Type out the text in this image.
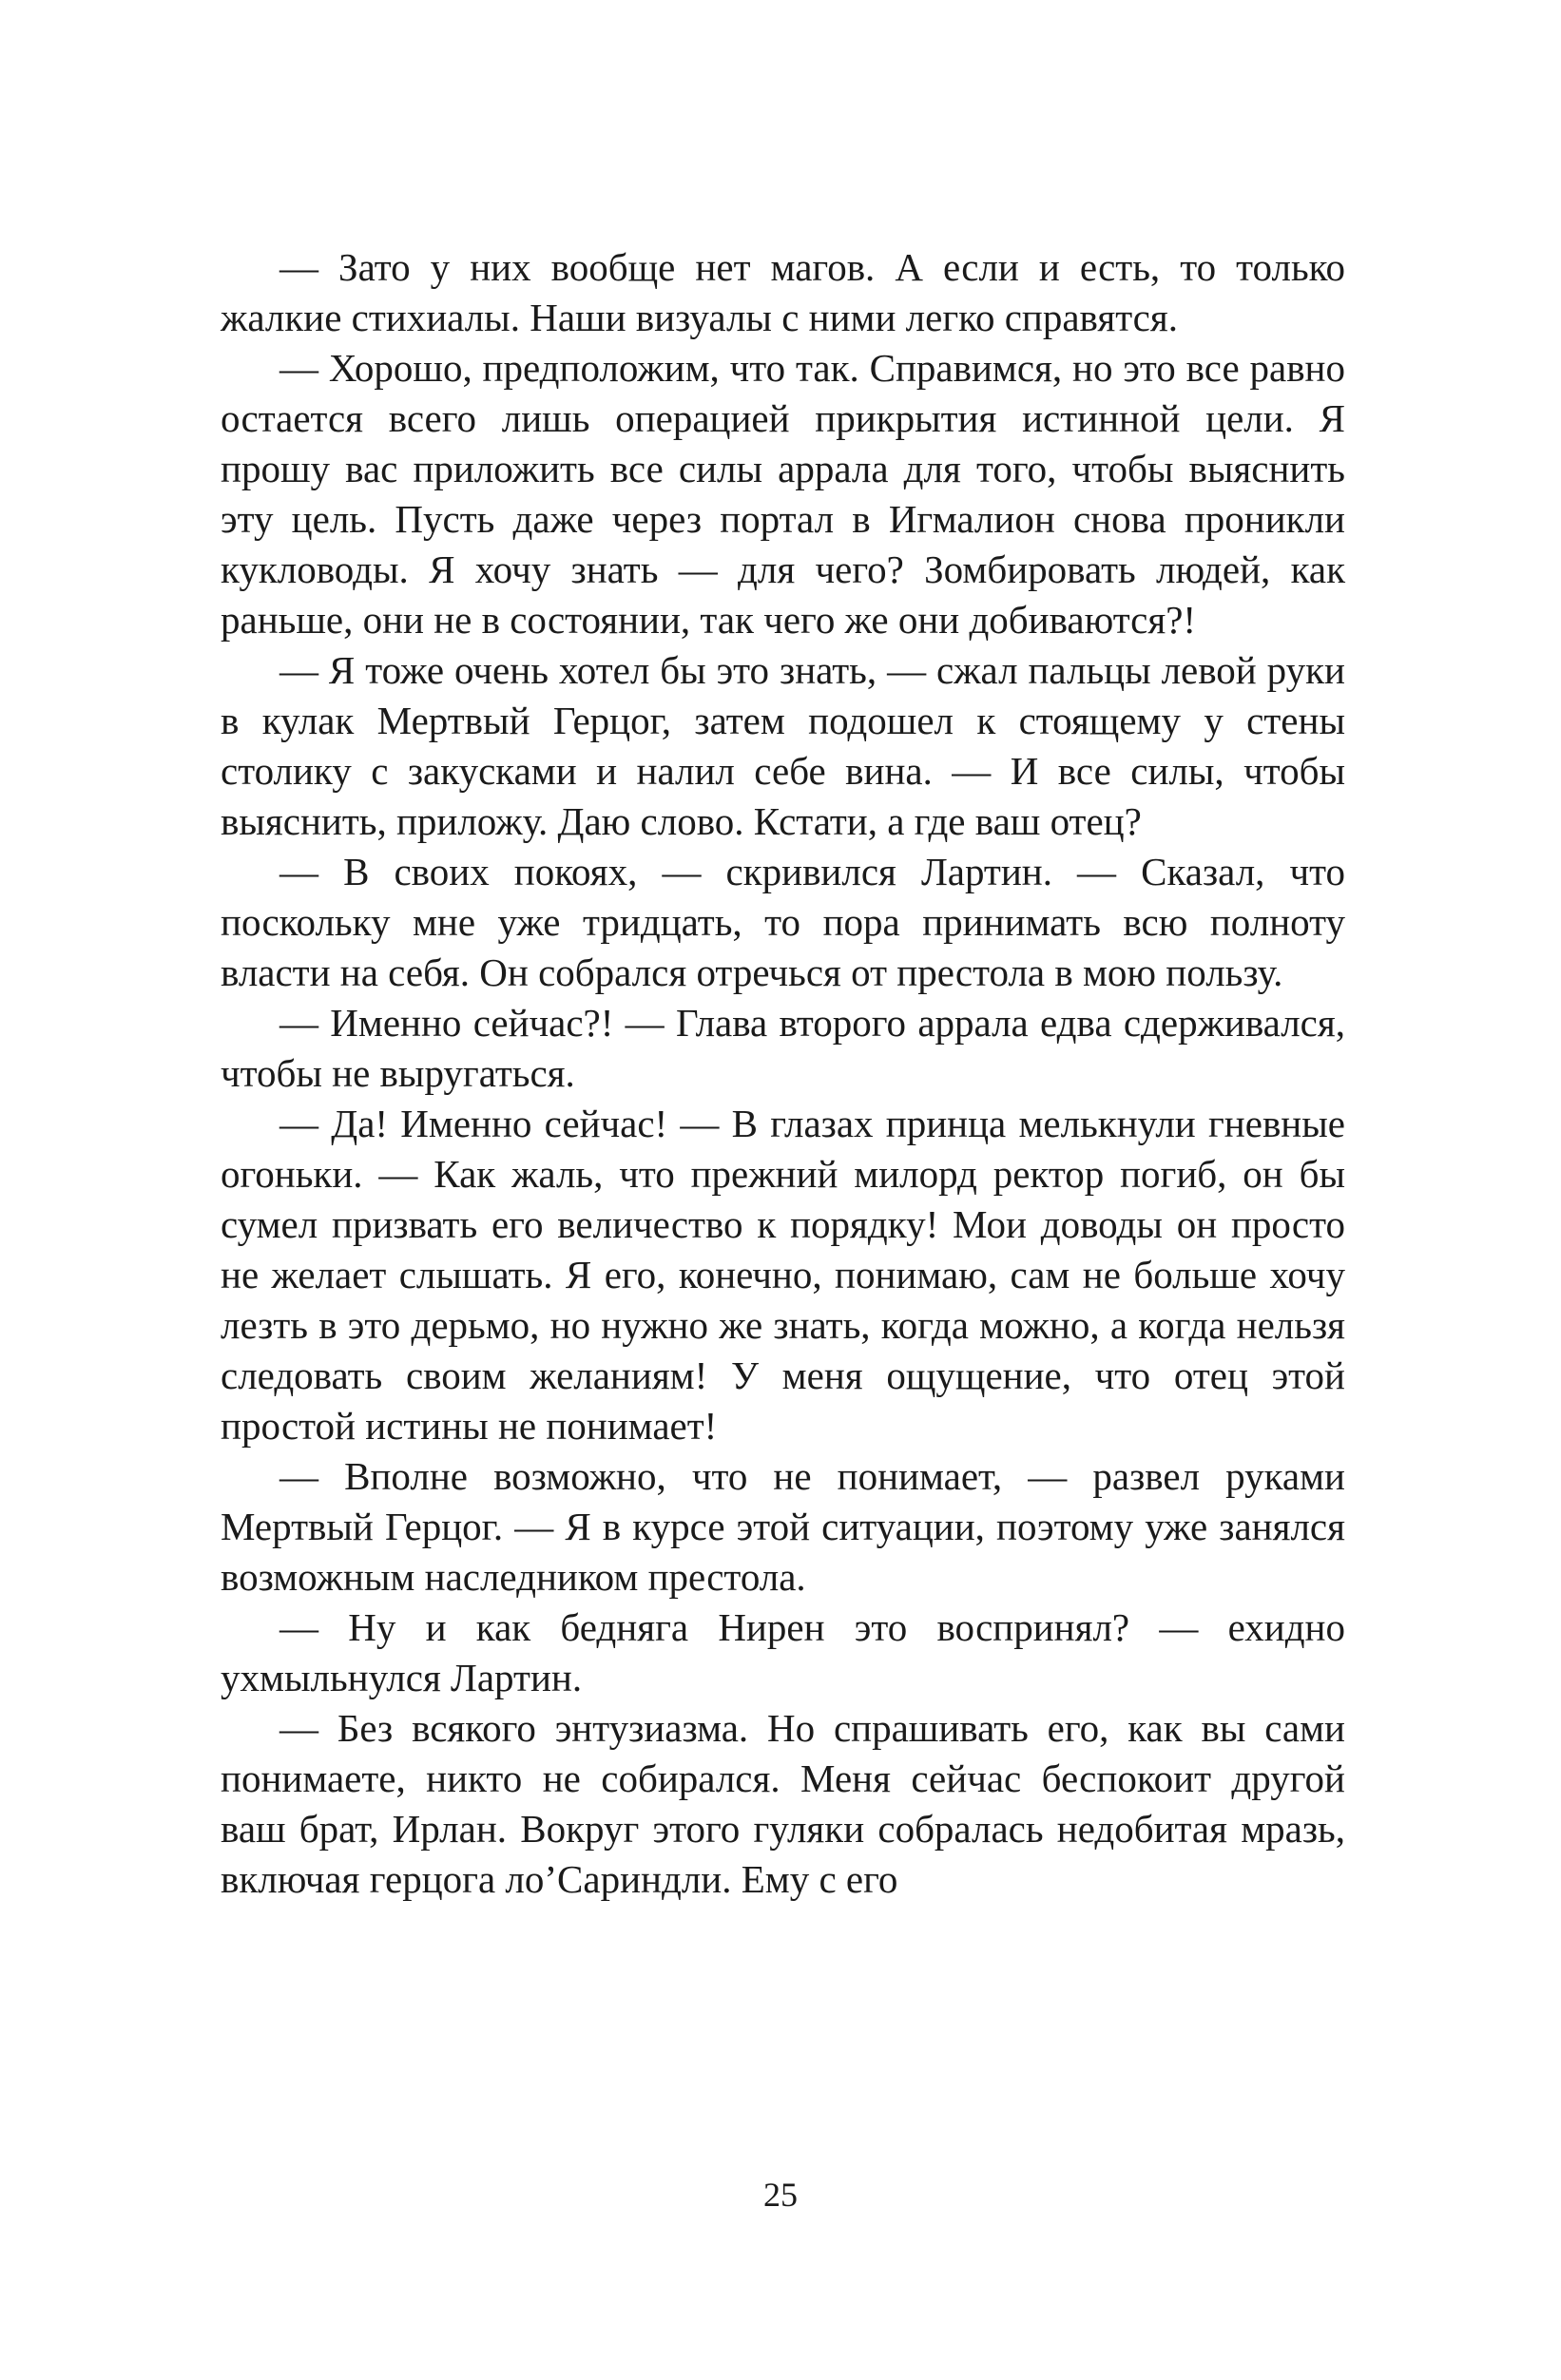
— Зато у них вообще нет магов. А если и есть, то только жалкие стихиалы. Наши визуалы с ними легко справятся.

— Хорошо, предположим, что так. Справимся, но это все равно остается всего лишь операцией прикрытия истинной цели. Я прошу вас приложить все силы аррала для того, чтобы выяснить эту цель. Пусть даже через портал в Игмалион снова проникли кукловоды. Я хочу знать — для чего? Зомбировать людей, как раньше, они не в состоянии, так чего же они добиваются?!

— Я тоже очень хотел бы это знать, — сжал пальцы левой руки в кулак Мертвый Герцог, затем подошел к стоящему у стены столику с закусками и налил себе вина. — И все силы, чтобы выяснить, приложу. Даю слово. Кстати, а где ваш отец?

— В своих покоях, — скривился Лартин. — Сказал, что поскольку мне уже тридцать, то пора принимать всю полноту власти на себя. Он собрался отречься от престола в мою пользу.

— Именно сейчас?! — Глава второго аррала едва сдерживался, чтобы не выругаться.

— Да! Именно сейчас! — В глазах принца мелькнули гневные огоньки. — Как жаль, что прежний милорд ректор погиб, он бы сумел призвать его величество к порядку! Мои доводы он просто не желает слышать. Я его, конечно, понимаю, сам не больше хочу лезть в это дерьмо, но нужно же знать, когда можно, а когда нельзя следовать своим желаниям! У меня ощущение, что отец этой простой истины не понимает!

— Вполне возможно, что не понимает, — развел руками Мертвый Герцог. — Я в курсе этой ситуации, поэтому уже занялся возможным наследником престола.

— Ну и как бедняга Нирен это воспринял? — ехидно ухмыльнулся Лартин.

— Без всякого энтузиазма. Но спрашивать его, как вы сами понимаете, никто не собирался. Меня сейчас беспокоит другой ваш брат, Ирлан. Вокруг этого гуляки собралась недобитая мразь, включая герцога ло’Сариндли. Ему с его

25
